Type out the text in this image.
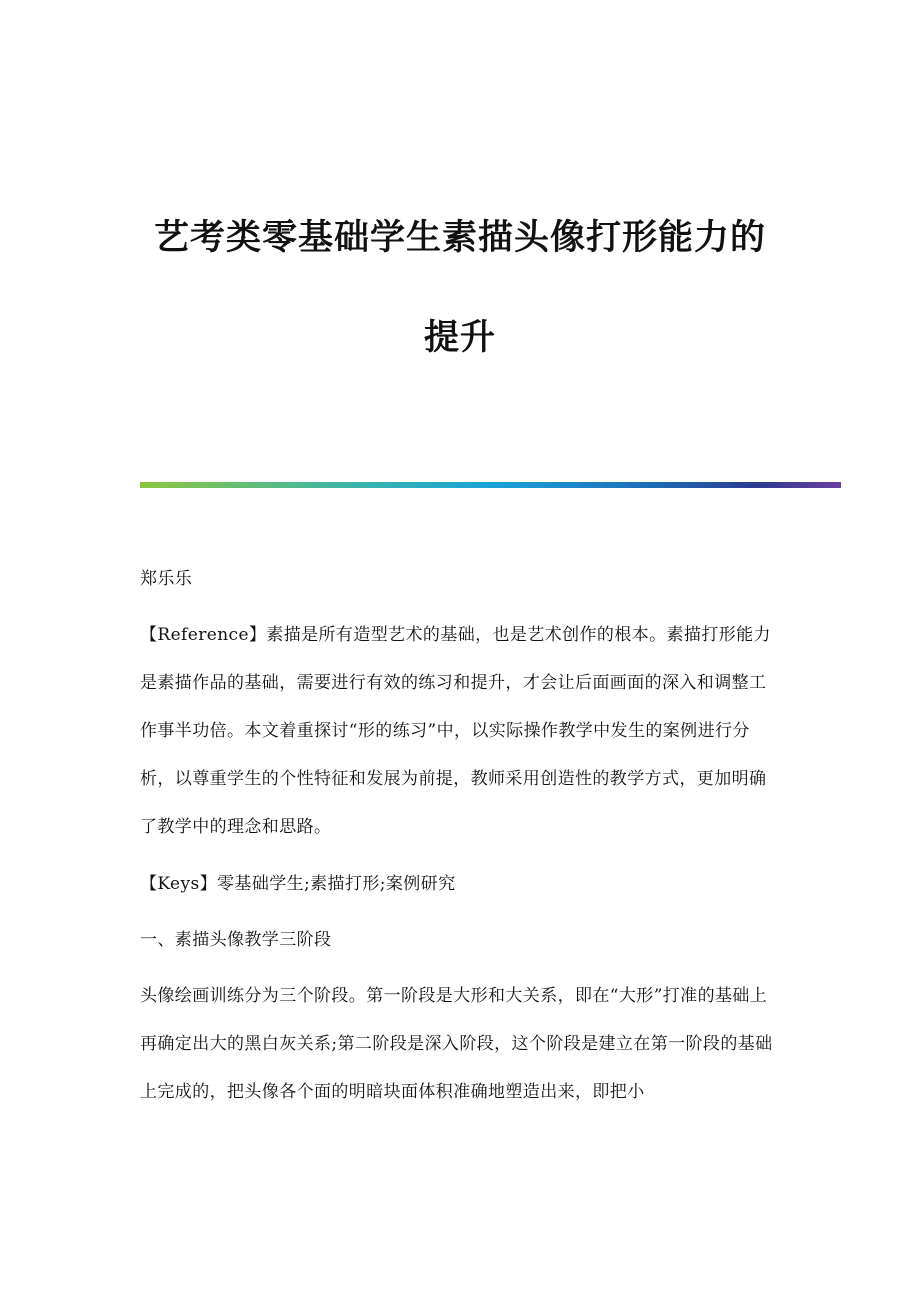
艺考类零基础学生素描头像打形能力的
提升

郑乐乐

【Reference】素描是所有造型艺术的基础，也是艺术创作的根本。素描打形能力是素描作品的基础，需要进行有效的练习和提升，才会让后面画面的深入和调整工作事半功倍。本文着重探讨“形的练习”中，以实际操作教学中发生的案例进行分析，以尊重学生的个性特征和发展为前提，教师采用创造性的教学方式，更加明确了教学中的理念和思路。

【Keys】零基础学生;素描打形;案例研究

一、素描头像教学三阶段

头像绘画训练分为三个阶段。第一阶段是大形和大关系，即在“大形”打准的基础上再确定出大的黑白灰关系;第二阶段是深入阶段，这个阶段是建立在第一阶段的基础上完成的，把头像各个面的明暗块面体积准确地塑造出来，即把小
